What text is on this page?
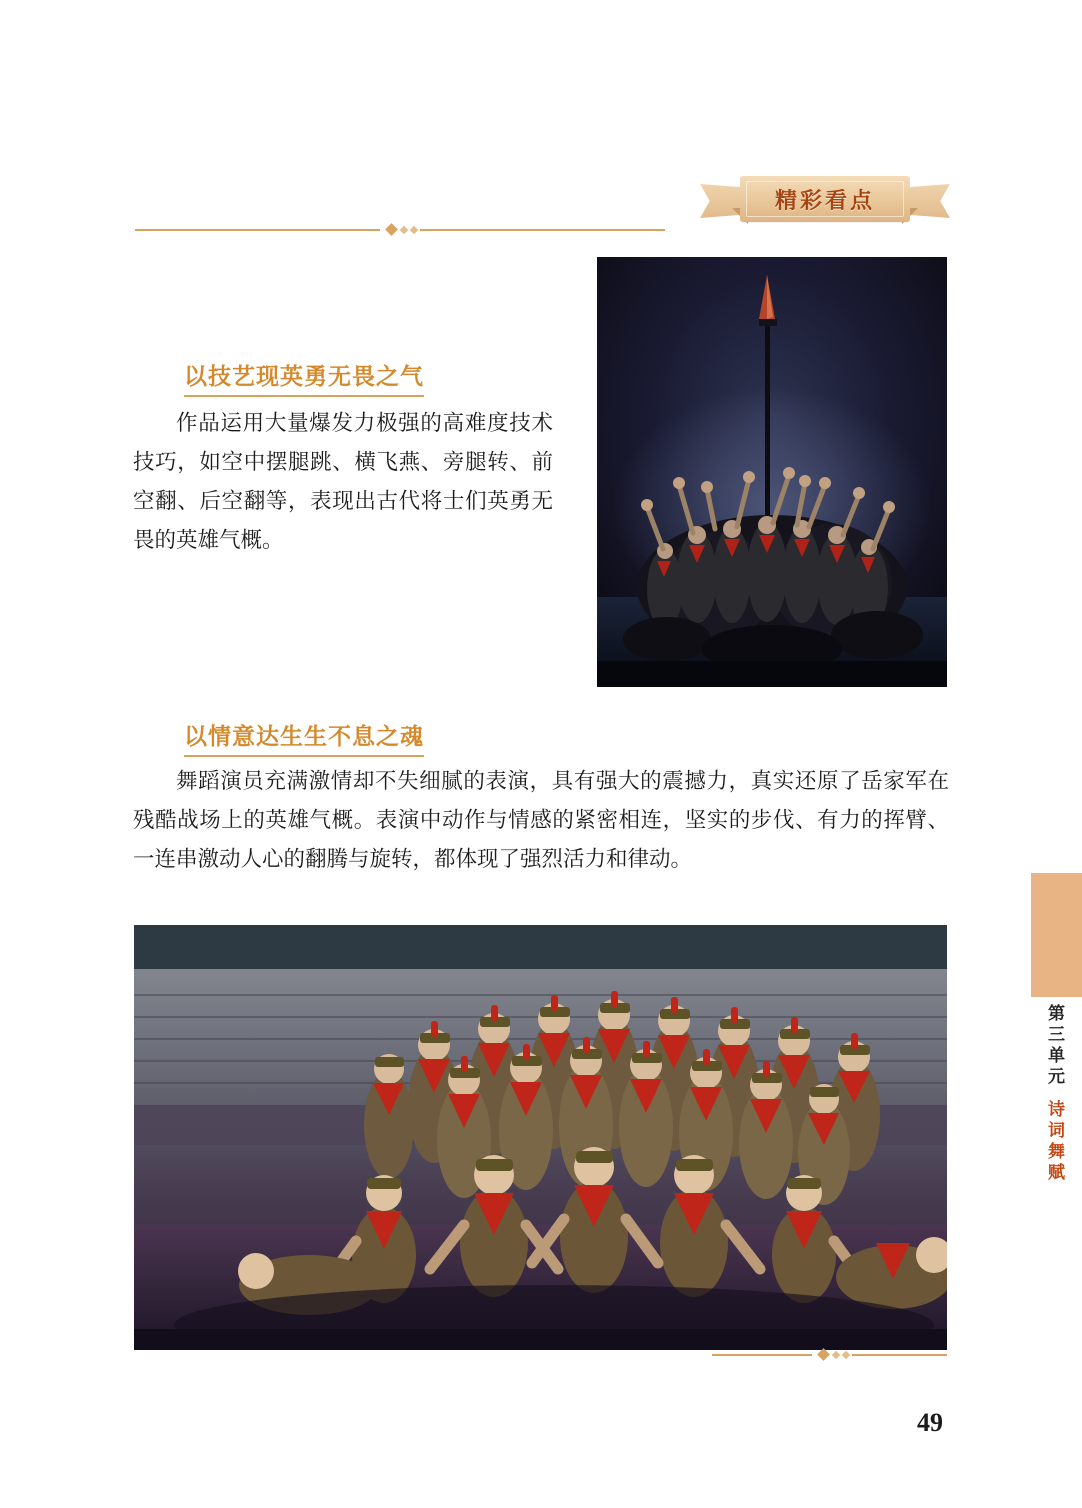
精彩看点
以技艺现英勇无畏之气
作品运用大量爆发力极强的高难度技术技巧，如空中摆腿跳、横飞燕、旁腿转、前空翻、后空翻等，表现出古代将士们英勇无畏的英雄气概。
以情意达生生不息之魂
舞蹈演员充满激情却不失细腻的表演，具有强大的震撼力，真实还原了岳家军在残酷战场上的英雄气概。表演中动作与情感的紧密相连，坚实的步伐、有力的挥臂、一连串激动人心的翻腾与旋转，都体现了强烈活力和律动。
第
三
单
元
诗
词
舞
赋
49
